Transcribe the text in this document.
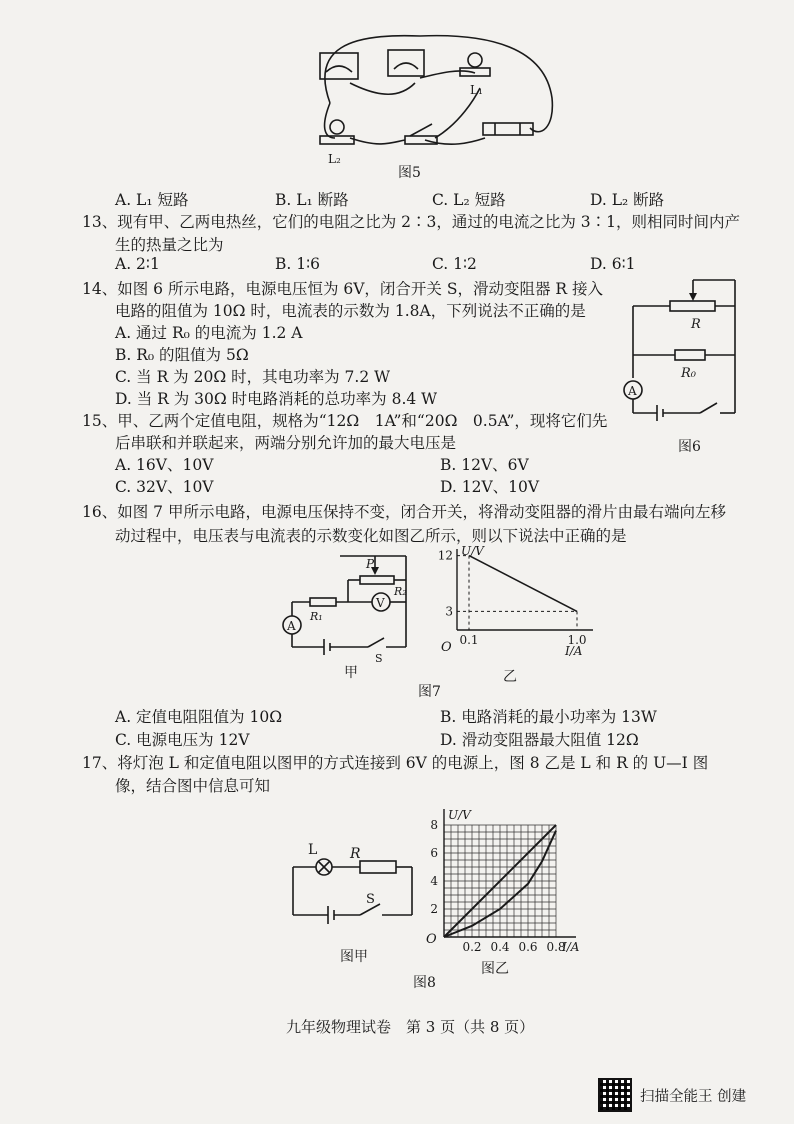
L₁
L₂
图5
A. L₁ 短路	B. L₁ 断路	C. L₂ 短路	D. L₂ 断路
13、现有甲、乙两电热丝，它们的电阻之比为 2∶3，通过的电流之比为 3∶1，则相同时间内产
生的热量之比为
A. 2∶1	B. 1∶6	C. 1∶2	D. 6∶1
14、如图 6 所示电路，电源电压恒为 6V，闭合开关 S，滑动变阻器 R 接入
电路的阻值为 10Ω 时，电流表的示数为 1.8A，下列说法不正确的是
A. 通过 R₀ 的电流为 1.2 A
B. R₀ 的阻值为 5Ω
C. 当 R 为 20Ω 时，其电功率为 7.2 W
D. 当 R 为 30Ω 时电路消耗的总功率为 8.4 W
R
R₀
A
图6
15、甲、乙两个定值电阻，规格为“12Ω　1A”和“20Ω　0.5A”，现将它们先
后串联和并联起来，两端分别允许加的最大电压是
A. 16V、10V	B. 12V、6V
C. 32V、10V	D. 12V、10V
16、如图 7 甲所示电路，电源电压保持不变，闭合开关，将滑动变阻器的滑片由最右端向左移
动过程中，电压表与电流表的示数变化如图乙所示，则以下说法中正确的是
P
R₂
R₁
V
A
S
甲
U/V
I/A
O
3
12
0.1	1.0
乙
图7
A. 定值电阻阻值为 10Ω	B. 电路消耗的最小功率为 13W
C. 电源电压为 12V	D. 滑动变阻器最大阻值 12Ω
17、将灯泡 L 和定值电阻以图甲的方式连接到 6V 的电源上，图 8 乙是 L 和 R 的 U—I 图
像，结合图中信息可知
L R
S
图甲
U/V
I/A
O
2
4
6
8
0.2 0.4 0.6 0.8
图乙
图8
九年级物理试卷　第 3 页（共 8 页）
扫描全能王 创建
